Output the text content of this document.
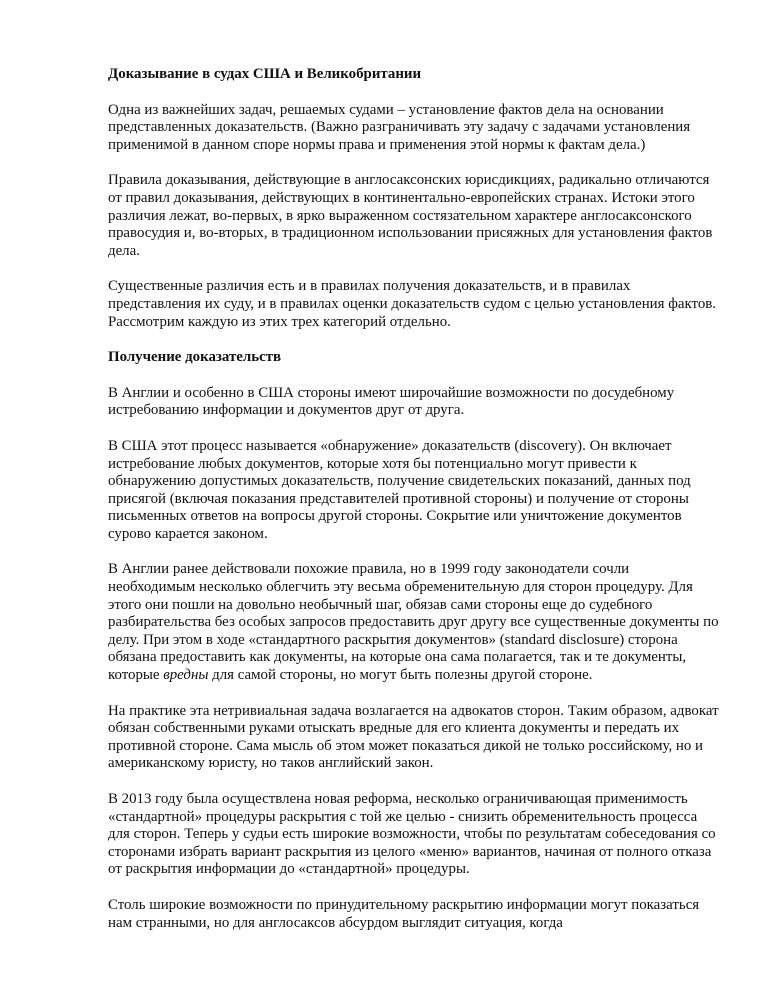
Доказывание в судах США и Великобритании

Одна из важнейших задач, решаемых судами – установление фактов дела на основании представленных доказательств. (Важно разграничивать эту задачу с задачами установления применимой в данном споре нормы права и применения этой нормы к фактам дела.)

Правила доказывания, действующие в англосаксонских юрисдикциях, радикально отличаются от правил доказывания, действующих в континентально-европейских странах. Истоки этого различия лежат, во-первых, в ярко выраженном состязательном характере англосаксонского правосудия и, во-вторых, в традиционном использовании присяжных для установления фактов дела.

Существенные различия есть и в правилах получения доказательств, и в правилах представления их суду, и в правилах оценки доказательств судом с целью установления фактов. Рассмотрим каждую из этих трех категорий отдельно.

Получение доказательств

В Англии и особенно в США стороны имеют широчайшие возможности по досудебному истребованию информации и документов друг от друга.

В США этот процесс называется «обнаружение» доказательств (discovery). Он включает истребование любых документов, которые хотя бы потенциально могут привести к обнаружению допустимых доказательств, получение свидетельских показаний, данных под присягой (включая показания представителей противной стороны) и получение от стороны письменных ответов на вопросы другой стороны. Сокрытие или уничтожение документов сурово карается законом.

В Англии ранее действовали похожие правила, но в 1999 году законодатели сочли необходимым несколько облегчить эту весьма обременительную для сторон процедуру. Для этого они пошли на довольно необычный шаг, обязав сами стороны еще до судебного разбирательства без особых запросов предоставить друг другу все существенные документы по делу. При этом в ходе «стандартного раскрытия документов» (standard disclosure) сторона обязана предоставить как документы, на которые она сама полагается, так и те документы, которые вредны для самой стороны, но могут быть полезны другой стороне.

На практике эта нетривиальная задача возлагается на адвокатов сторон. Таким образом, адвокат обязан собственными руками отыскать вредные для его клиента документы и передать их противной стороне. Сама мысль об этом может показаться дикой не только российскому, но и американскому юристу, но таков английский закон.

В 2013 году была осуществлена новая реформа, несколько ограничивающая применимость «стандартной» процедуры раскрытия с той же целью - снизить обременительность процесса для сторон. Теперь у судьи есть широкие возможности, чтобы по результатам собеседования со сторонами избрать вариант раскрытия из целого «меню» вариантов, начиная от полного отказа от раскрытия информации до «стандартной» процедуры.

Столь широкие возможности по принудительному раскрытию информации могут показаться нам странными, но для англосаксов абсурдом выглядит ситуация, когда
